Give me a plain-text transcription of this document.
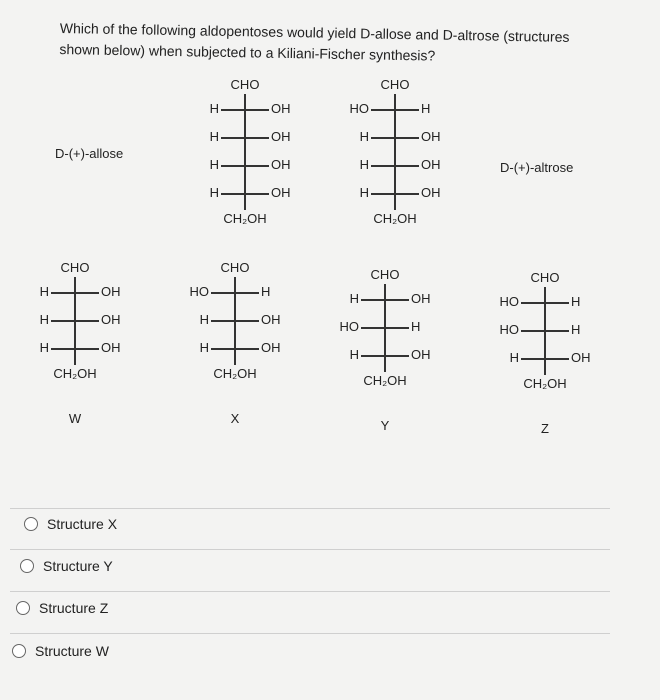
Which of the following aldopentoses would yield D-allose and D-altrose (structures shown below) when subjected to a Kiliani-Fischer synthesis?
D-(+)-allose
D-(+)-altrose
CHO
H	OH
H	OH
H	OH
H	OH
CH₂OH
CHO
HO	H
H	OH
H	OH
H	OH
CH₂OH
CHO
H	OH
H	OH
H	OH
CH₂OH
W
CHO
HO	H
H	OH
H	OH
CH₂OH
X
CHO
H	OH
HO	H
H	OH
CH₂OH
Y
CHO
HO	H
HO	H
H	OH
CH₂OH
Z
Structure X
Structure Y
Structure Z
Structure W
